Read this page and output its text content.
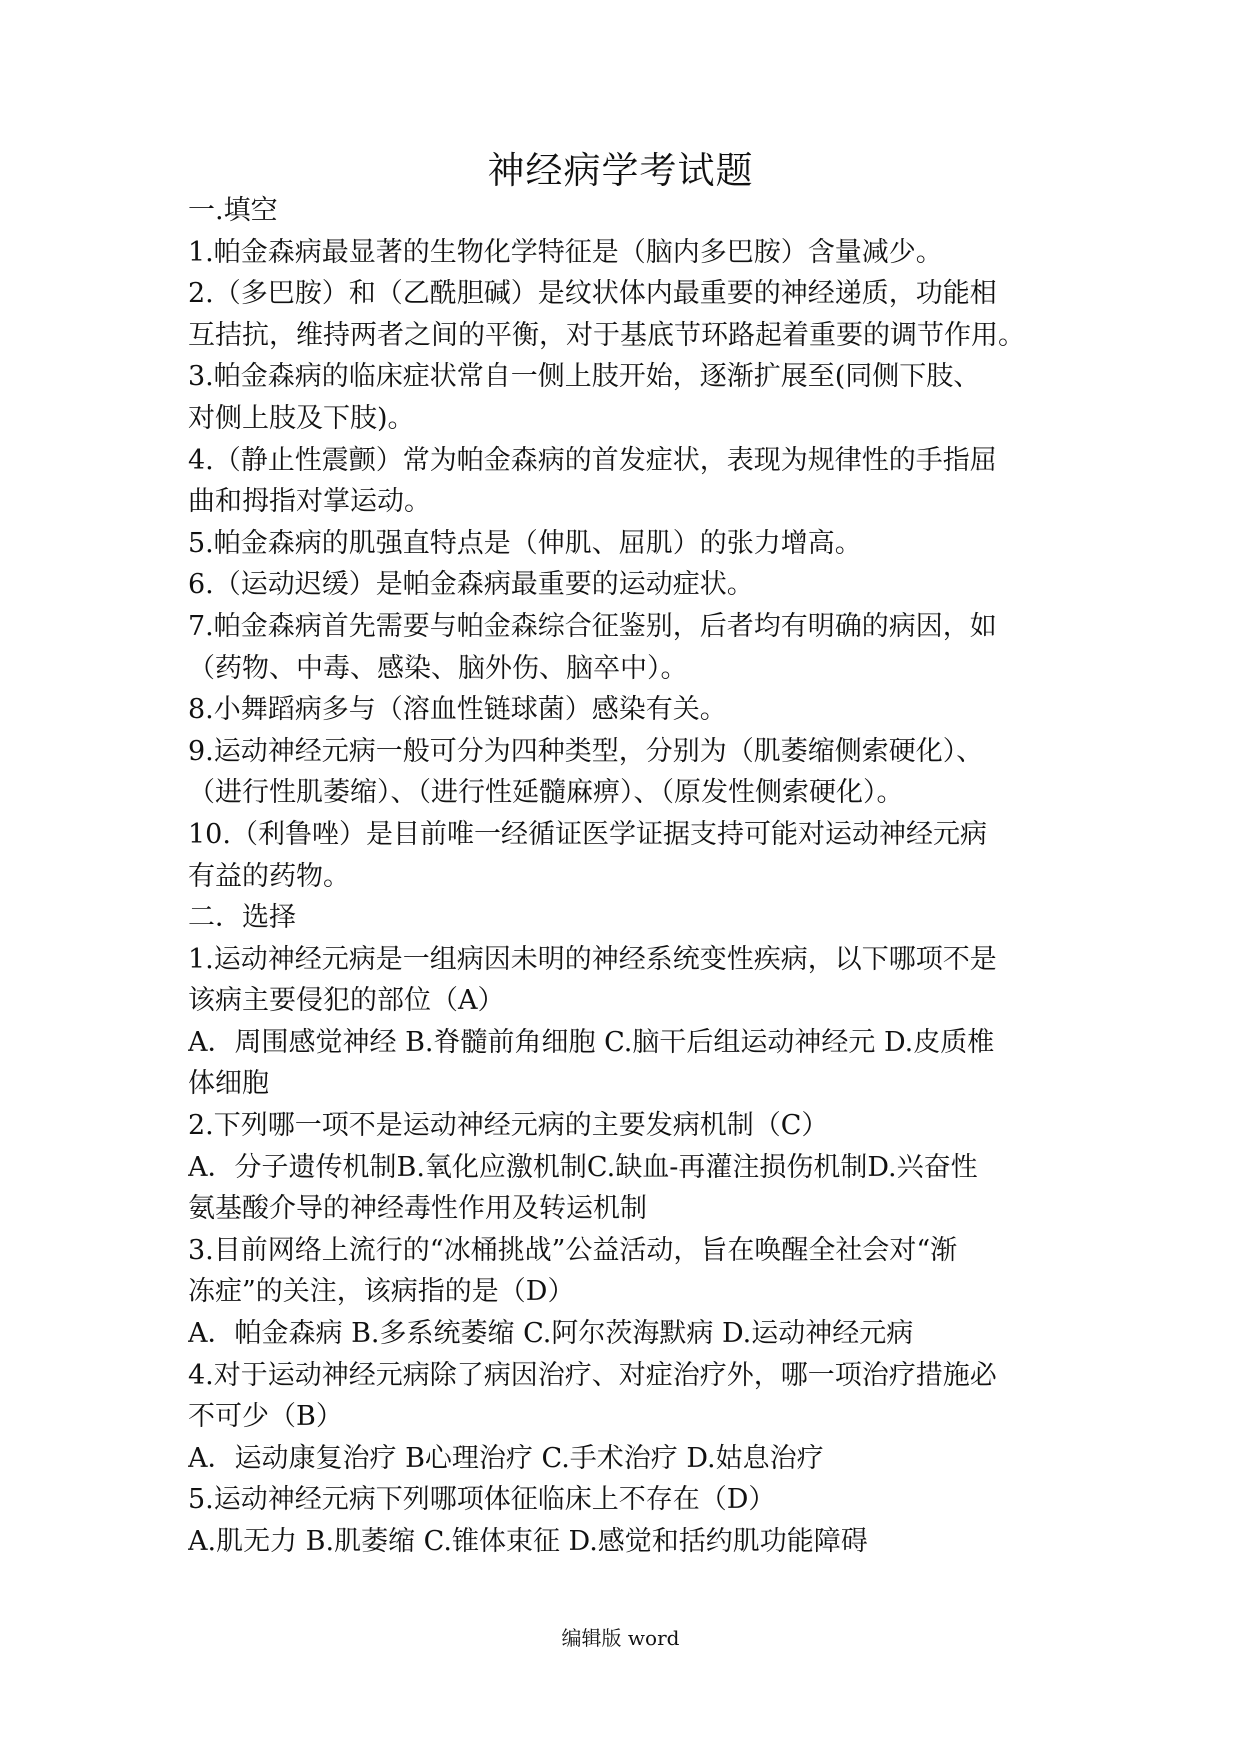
神经病学考试题
一.填空
1.帕金森病最显著的生物化学特征是（脑内多巴胺）含量减少。
2.（多巴胺）和（乙酰胆碱）是纹状体内最重要的神经递质，功能相
互拮抗，维持两者之间的平衡，对于基底节环路起着重要的调节作用。
3.帕金森病的临床症状常自一侧上肢开始，逐渐扩展至(同侧下肢、
对侧上肢及下肢)。
4.（静止性震颤）常为帕金森病的首发症状，表现为规律性的手指屈
曲和拇指对掌运动。
5.帕金森病的肌强直特点是（伸肌、屈肌）的张力增高。
6.（运动迟缓）是帕金森病最重要的运动症状。
7.帕金森病首先需要与帕金森综合征鉴别，后者均有明确的病因，如
（药物、中毒、感染、脑外伤、脑卒中）。
8.小舞蹈病多与（溶血性链球菌）感染有关。
9.运动神经元病一般可分为四种类型，分别为（肌萎缩侧索硬化）、
（进行性肌萎缩）、（进行性延髓麻痹）、（原发性侧索硬化）。
10.（利鲁唑）是目前唯一经循证医学证据支持可能对运动神经元病
有益的药物。
二．选择
1.运动神经元病是一组病因未明的神经系统变性疾病，以下哪项不是
该病主要侵犯的部位（A）
A．周围感觉神经 B.脊髓前角细胞 C.脑干后组运动神经元 D.皮质椎
体细胞
2.下列哪一项不是运动神经元病的主要发病机制（C）
A．分子遗传机制B.氧化应激机制C.缺血-再灌注损伤机制D.兴奋性
氨基酸介导的神经毒性作用及转运机制
3.目前网络上流行的“冰桶挑战”公益活动，旨在唤醒全社会对“渐
冻症”的关注，该病指的是（D）
A．帕金森病 B.多系统萎缩 C.阿尔茨海默病 D.运动神经元病
4.对于运动神经元病除了病因治疗、对症治疗外，哪一项治疗措施必
不可少（B）
A．运动康复治疗 B心理治疗 C.手术治疗 D.姑息治疗
5.运动神经元病下列哪项体征临床上不存在（D）
A.肌无力 B.肌萎缩 C.锥体束征 D.感觉和括约肌功能障碍
编辑版 word
